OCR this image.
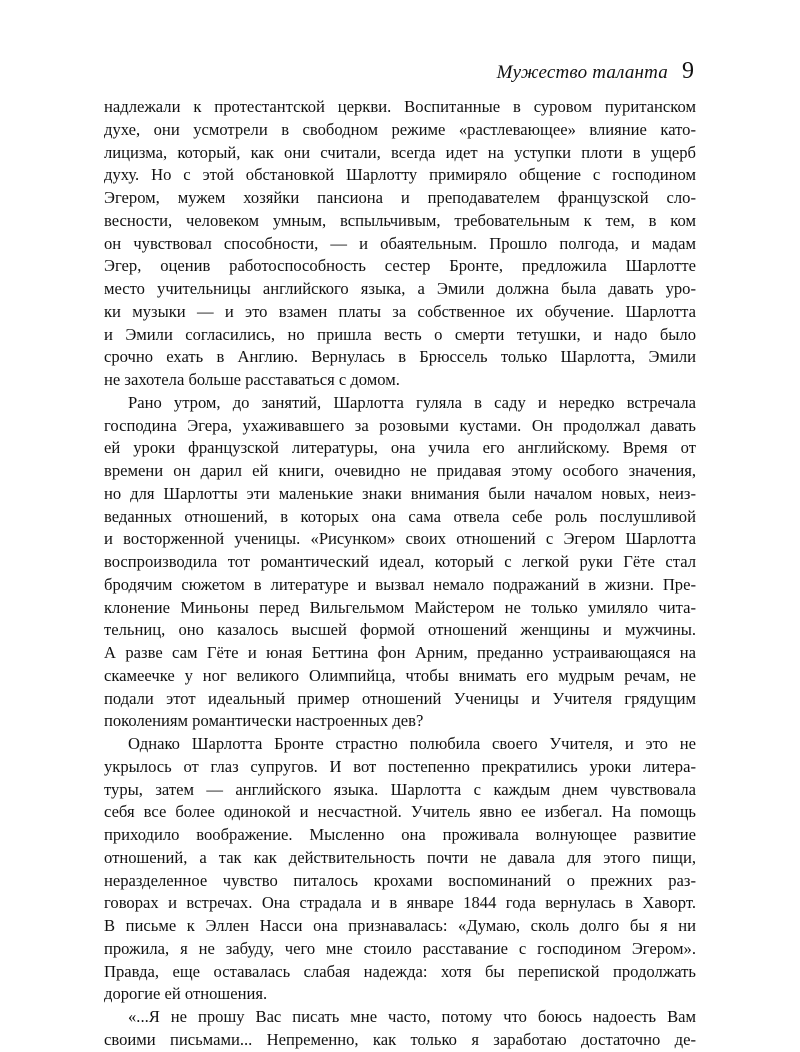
Мужество таланта 9
надлежали к протестантской церкви. Воспитанные в суровом пуританском
духе, они усмотрели в свободном режиме «растлевающее» влияние като-
лицизма, который, как они считали, всегда идет на уступки плоти в ущерб
духу. Но с этой обстановкой Шарлотту примиряло общение с господином
Эгером, мужем хозяйки пансиона и преподавателем французской сло-
весности, человеком умным, вспыльчивым, требовательным к тем, в ком
он чувствовал способности, — и обаятельным. Прошло полгода, и мадам
Эгер, оценив работоспособность сестер Бронте, предложила Шарлотте
место учительницы английского языка, а Эмили должна была давать уро-
ки музыки — и это взамен платы за собственное их обучение. Шарлотта
и Эмили согласились, но пришла весть о смерти тетушки, и надо было
срочно ехать в Англию. Вернулась в Брюссель только Шарлотта, Эмили
не захотела больше расставаться с домом.
Рано утром, до занятий, Шарлотта гуляла в саду и нередко встречала
господина Эгера, ухаживавшего за розовыми кустами. Он продолжал давать
ей уроки французской литературы, она учила его английскому. Время от
времени он дарил ей книги, очевидно не придавая этому особого значения,
но для Шарлотты эти маленькие знаки внимания были началом новых, неиз-
веданных отношений, в которых она сама отвела себе роль послушливой
и восторженной ученицы. «Рисунком» своих отношений с Эгером Шарлотта
воспроизводила тот романтический идеал, который с легкой руки Гёте стал
бродячим сюжетом в литературе и вызвал немало подражаний в жизни. Пре-
клонение Миньоны перед Вильгельмом Майстером не только умиляло чита-
тельниц, оно казалось высшей формой отношений женщины и мужчины.
А разве сам Гёте и юная Беттина фон Арним, преданно устраивающаяся на
скамеечке у ног великого Олимпийца, чтобы внимать его мудрым речам, не
подали этот идеальный пример отношений Ученицы и Учителя грядущим
поколениям романтически настроенных дев?
Однако Шарлотта Бронте страстно полюбила своего Учителя, и это не
укрылось от глаз супругов. И вот постепенно прекратились уроки литера-
туры, затем — английского языка. Шарлотта с каждым днем чувствовала
себя все более одинокой и несчастной. Учитель явно ее избегал. На помощь
приходило воображение. Мысленно она проживала волнующее развитие
отношений, а так как действительность почти не давала для этого пищи,
неразделенное чувство питалось крохами воспоминаний о прежних раз-
говорах и встречах. Она страдала и в январе 1844 года вернулась в Хаворт.
В письме к Эллен Насси она признавалась: «Думаю, сколь долго бы я ни
прожила, я не забуду, чего мне стоило расставание с господином Эгером».
Правда, еще оставалась слабая надежда: хотя бы перепиской продолжать
дорогие ей отношения.
«...Я не прошу Вас писать мне часто, потому что боюсь надоесть Вам
своими письмами... Непременно, как только я заработаю достаточно де-
